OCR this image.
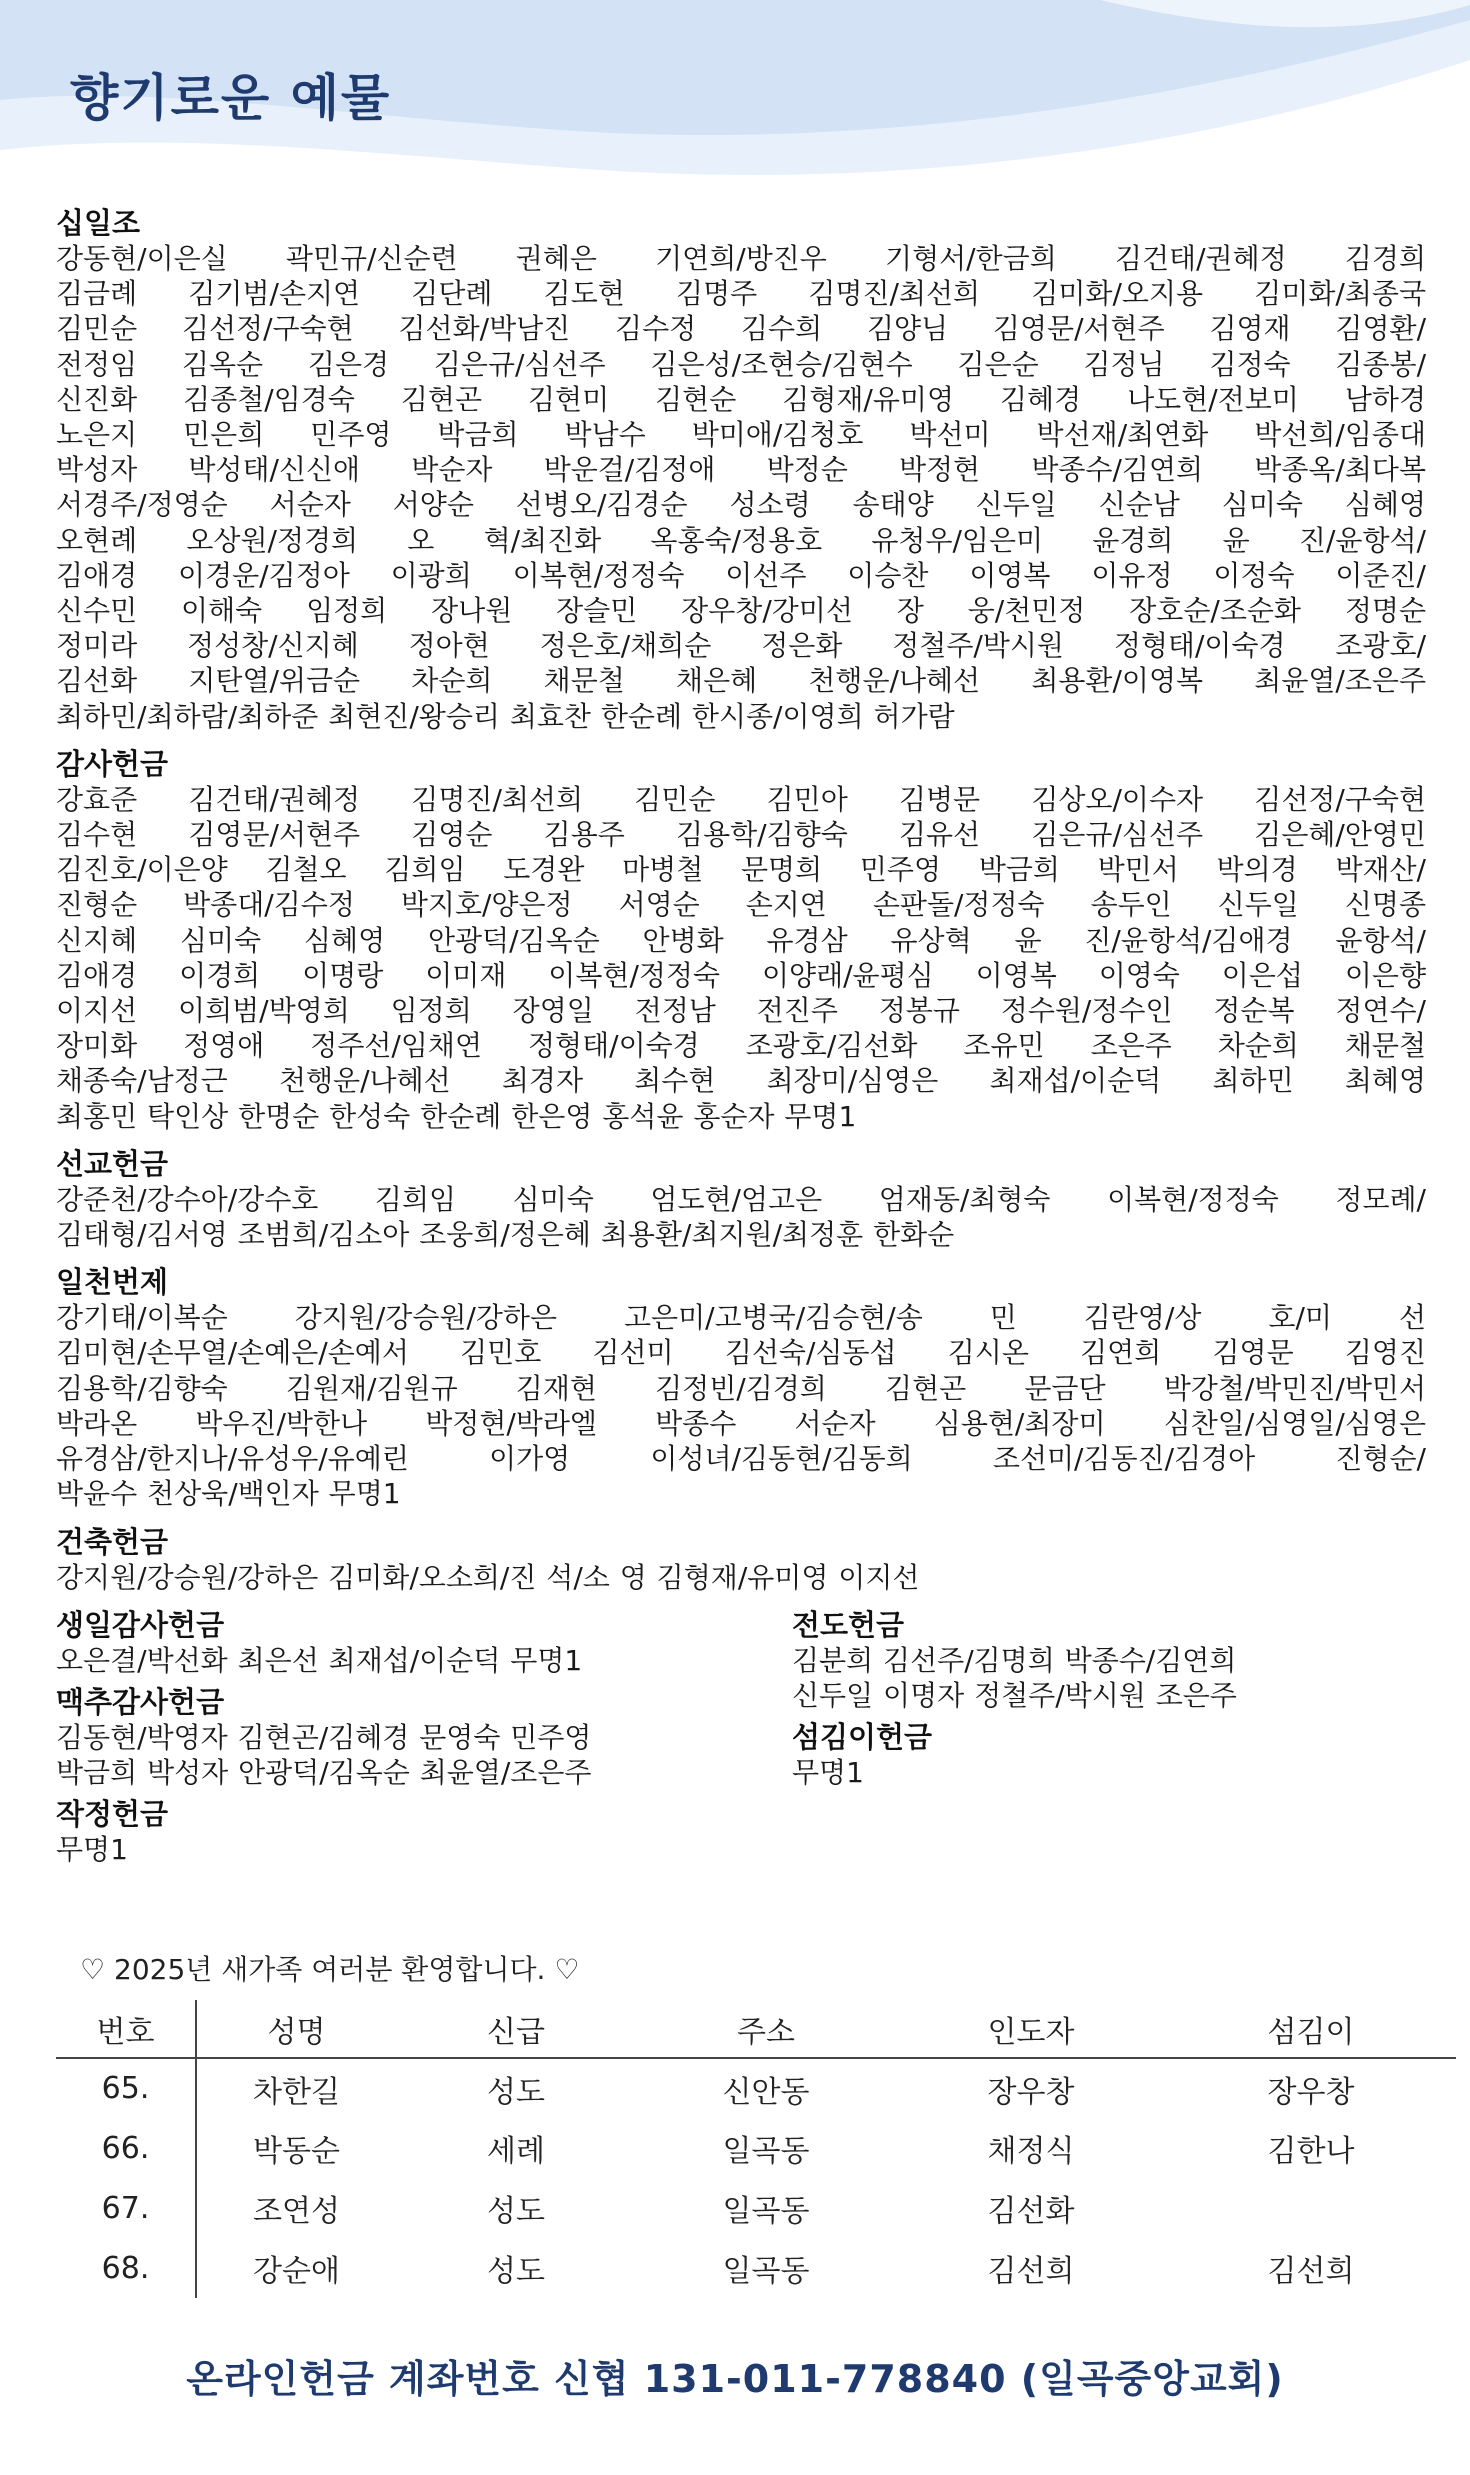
향기로운 예물
십일조
강동현/이은실 곽민규/신순련 권혜은 기연희/방진우 기형서/한금희 김건태/권혜정 김경희
김금례 김기범/손지연 김단례 김도현 김명주 김명진/최선희 김미화/오지용 김미화/최종국
김민순 김선정/구숙현 김선화/박남진 김수정 김수희 김양님 김영문/서현주 김영재 김영환/
전정임 김옥순 김은경 김은규/심선주 김은성/조현승/김현수 김은순 김정님 김정숙 김종봉/
신진화 김종철/임경숙 김현곤 김현미 김현순 김형재/유미영 김혜경 나도현/전보미 남하경
노은지 민은희 민주영 박금희 박남수 박미애/김청호 박선미 박선재/최연화 박선희/임종대
박성자 박성태/신신애 박순자 박운걸/김정애 박정순 박정현 박종수/김연희 박종옥/최다복
서경주/정영순 서순자 서양순 선병오/김경순 성소령 송태양 신두일 신순남 심미숙 심혜영
오현례 오상원/정경희 오 혁/최진화 옥홍숙/정용호 유청우/임은미 윤경희 윤 진/윤항석/
김애경 이경운/김정아 이광희 이복현/정정숙 이선주 이승찬 이영복 이유정 이정숙 이준진/
신수민 이해숙 임정희 장나원 장슬민 장우창/강미선 장 웅/천민정 장호순/조순화 정명순
정미라 정성창/신지혜 정아현 정은호/채희순 정은화 정철주/박시원 정형태/이숙경 조광호/
김선화 지탄열/위금순 차순희 채문철 채은혜 천행운/나혜선 최용환/이영복 최윤열/조은주
최하민/최하람/최하준 최현진/왕승리 최효찬 한순례 한시종/이영희 허가람
감사헌금
강효준 김건태/권혜정 김명진/최선희 김민순 김민아 김병문 김상오/이수자 김선정/구숙현
김수현 김영문/서현주 김영순 김용주 김용학/김향숙 김유선 김은규/심선주 김은혜/안영민
김진호/이은양 김철오 김희임 도경완 마병철 문명희 민주영 박금희 박민서 박의경 박재산/
진형순 박종대/김수정 박지호/양은정 서영순 손지연 손판돌/정정숙 송두인 신두일 신명종
신지혜 심미숙 심혜영 안광덕/김옥순 안병화 유경삼 유상혁 윤 진/윤항석/김애경 윤항석/
김애경 이경희 이명랑 이미재 이복현/정정숙 이양래/윤평심 이영복 이영숙 이은섭 이은향
이지선 이희범/박영희 임정희 장영일 전정남 전진주 정봉규 정수원/정수인 정순복 정연수/
장미화 정영애 정주선/임채연 정형태/이숙경 조광호/김선화 조유민 조은주 차순희 채문철
채종숙/남정근 천행운/나혜선 최경자 최수현 최장미/심영은 최재섭/이순덕 최하민 최혜영
최홍민 탁인상 한명순 한성숙 한순례 한은영 홍석윤 홍순자 무명1
선교헌금
강준천/강수아/강수호 김희임 심미숙 엄도현/엄고은 엄재동/최형숙 이복현/정정숙 정모례/
김태형/김서영 조범희/김소아 조웅희/정은혜 최용환/최지원/최정훈 한화순
일천번제
강기태/이복순 강지원/강승원/강하은 고은미/고병국/김승현/송 민 김란영/상 호/미 선
김미현/손무열/손예은/손예서 김민호 김선미 김선숙/심동섭 김시온 김연희 김영문 김영진
김용학/김향숙 김원재/김원규 김재현 김정빈/김경희 김현곤 문금단 박강철/박민진/박민서
박라온 박우진/박한나 박정현/박라엘 박종수 서순자 심용현/최장미 심찬일/심영일/심영은
유경삼/한지나/유성우/유예린 이가영 이성녀/김동현/김동희 조선미/김동진/김경아 진형순/
박윤수 천상욱/백인자 무명1
건축헌금
강지원/강승원/강하은 김미화/오소희/진 석/소 영 김형재/유미영 이지선
생일감사헌금
오은결/박선화 최은선 최재섭/이순덕 무명1
맥추감사헌금
김동현/박영자 김현곤/김혜경 문영숙 민주영
박금희 박성자 안광덕/김옥순 최윤열/조은주
작정헌금
무명1
전도헌금
김분희 김선주/김명희 박종수/김연희
신두일 이명자 정철주/박시원 조은주
섬김이헌금
무명1
♡ 2025년 새가족 여러분 환영합니다. ♡
번호	성명	신급	주소	인도자	섬김이
65.	차한길	성도	신안동	장우창	장우창
66.	박동순	세례	일곡동	채정식	김한나
67.	조연성	성도	일곡동	김선화	
68.	강순애	성도	일곡동	김선희	김선희
온라인헌금 계좌번호 신협 131-011-778840 (일곡중앙교회)
